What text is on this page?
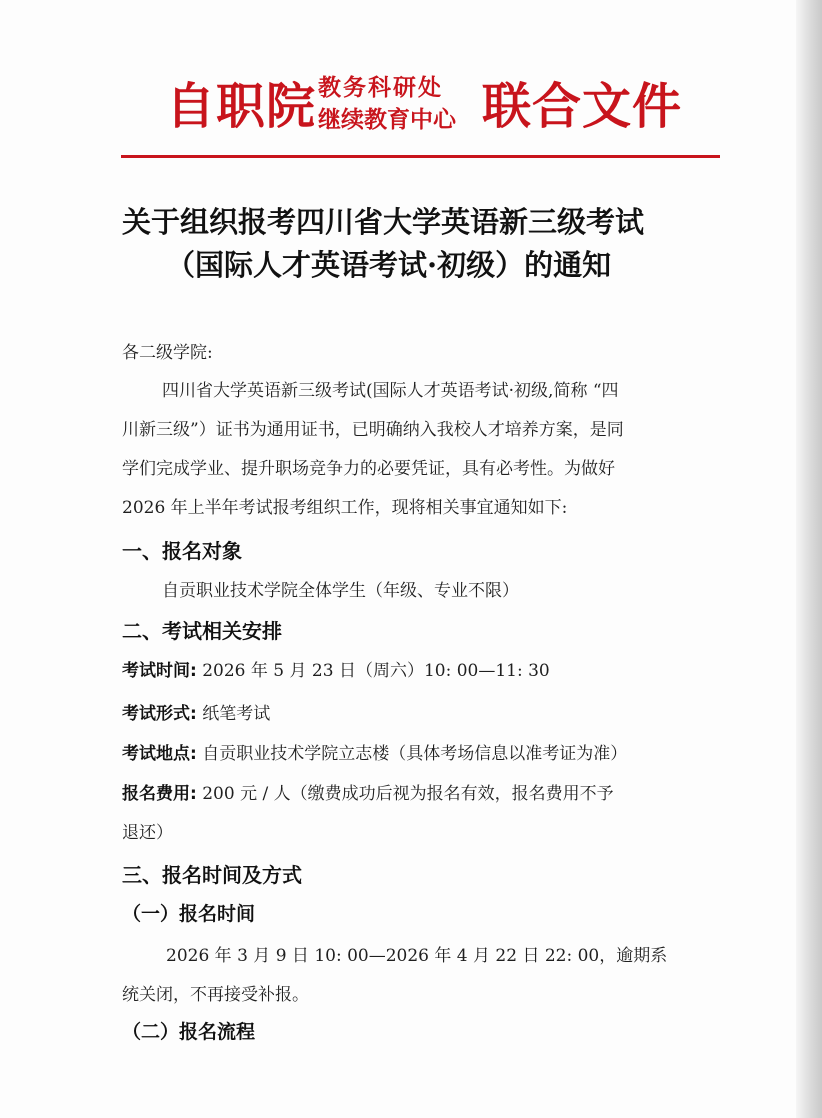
自职院 教务科研处
继续教育中心 联合文件
关于组织报考四川省大学英语新三级考试
（国际人才英语考试·初级）的通知
各二级学院:
四川省大学英语新三级考试(国际人才英语考试·初级,简称 “四
川新三级”）证书为通用证书，已明确纳入我校人才培养方案，是同
学们完成学业、提升职场竞争力的必要凭证，具有必考性。为做好
2026 年上半年考试报考组织工作，现将相关事宜通知如下:
一、报名对象
自贡职业技术学院全体学生（年级、专业不限）
二、考试相关安排
考试时间: 2026 年 5 月 23 日（周六）10: 00—11: 30
考试形式: 纸笔考试
考试地点: 自贡职业技术学院立志楼（具体考场信息以准考证为准）
报名费用: 200 元 / 人（缴费成功后视为报名有效，报名费用不予
退还）
三、报名时间及方式
（一）报名时间
2026 年 3 月 9 日 10: 00—2026 年 4 月 22 日 22: 00，逾期系
统关闭，不再接受补报。
（二）报名流程
